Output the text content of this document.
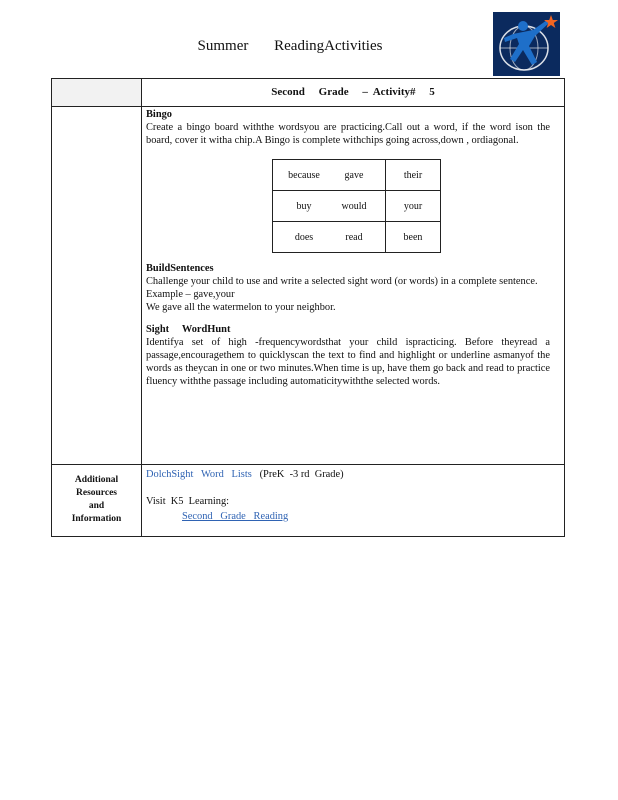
Summer ReadingActivities
Second     Grade     –  Activity#     5
Bingo
Create a bingo board withthe wordsyou are practicing.Call out a word, if the word ison the board, cover it witha chip.A Bingo is complete withchips going across,down , ordiagonal.
because gave	their
buy would	your
does read	been
BuildSentences
Challenge your child to use and write a selected sight word (or words) in a complete sentence.
Example – gave,your
We gave all the watermelon to your neighbor.
Sight     WordHunt
Identifya set of high -frequencywordsthat your child ispracticing. Before theyread a passage,encouragethem to quicklyscan the text to find and highlight or underline asmanyof the words as theycan in one or two minutes.When time is up, have them go back and read to practice fluency withthe passage including automaticitywiththe selected words.
Additional
Resources
and
Information
DolchSight   Word   Lists (PreK  -3 rd  Grade)
Visit  K5  Learning:
Second   Grade   Reading
